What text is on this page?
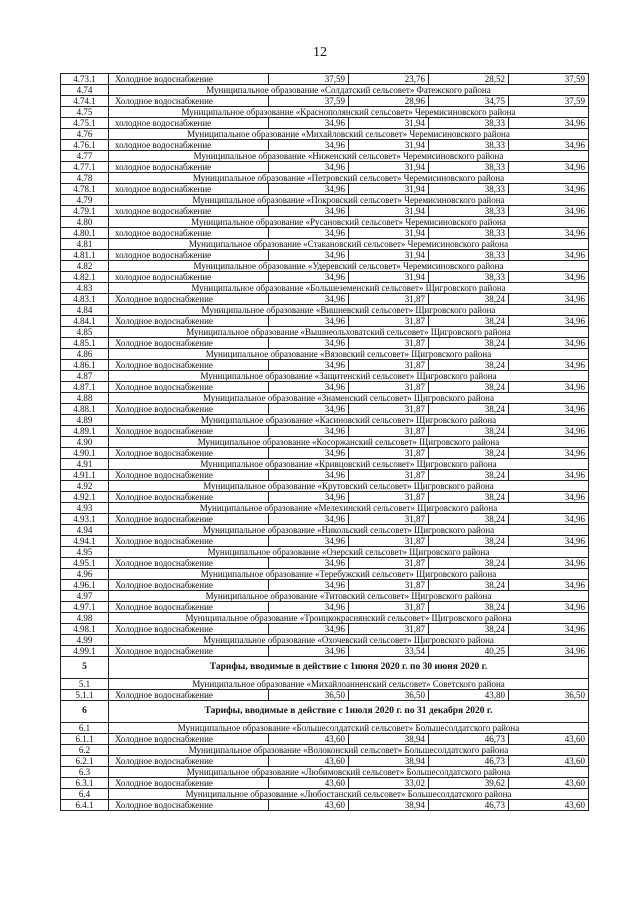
12
4.73.1	Холодное водоснабжение	37,59	23,76	28,52	37,59
4.74	Муниципальное образование «Солдатский сельсовет» Фатежского района				
4.74.1	Холодное водоснабжение	37,59	28,96	34,75	37,59
4.75	Муниципальное образование «Краснополянский сельсовет» Черемисиновского района				
4.75.1	холодное водоснабжение	34,96	31,94	38,33	34,96
4.76	Муниципальное образование «Михайловский сельсовет» Черемисиновского района				
4.76.1	холодное водоснабжение	34,96	31,94	38,33	34,96
4.77	Муниципальное образование «Ниженский сельсовет» Черемисиновского района				
4.77.1	холодное водоснабжение	34,96	31,94	38,33	34,96
4.78	Муниципальное образование «Петровский сельсовет» Черемисиновского района				
4.78.1	холодное водоснабжение	34,96	31,94	38,33	34,96
4.79	Муниципальное образование «Покровский сельсовет» Черемисиновского района				
4.79.1	холодное водоснабжение	34,96	31,94	38,33	34,96
4.80	Муниципальное образование «Русановский сельсовет» Черемисиновского района				
4.80.1	холодное водоснабжение	34,96	31,94	38,33	34,96
4.81	Муниципальное образование «Стакановский сельсовет» Черемисиновского района				
4.81.1	холодное водоснабжение	34,96	31,94	38,33	34,96
4.82	Муниципальное образование «Удеревский сельсовет» Черемисиновского района				
4.82.1	холодное водоснабжение	34,96	31,94	38,33	34,96
4.83	Муниципальное образование «Большеземенский сельсовет» Щигровского района				
4.83.1	Холодное водоснабжение	34,96	31,87	38,24	34,96
4.84	Муниципальное образование «Вишневский сельсовет» Щигровского района				
4.84.1	Холодное водоснабжение	34,96	31,87	38,24	34,96
4.85	Муниципальное образование «Вышнеольховатский сельсовет» Щигровского района				
4.85.1	Холодное водоснабжение	34,96	31,87	38,24	34,96
4.86	Муниципальное образование «Вязовский сельсовет» Щигровского района				
4.86.1	Холодное водоснабжение	34,96	31,87	38,24	34,96
4.87	Муниципальное образование «Защитенский сельсовет» Щигровского района				
4.87.1	Холодное водоснабжение	34,96	31,87	38,24	34,96
4.88	Муниципальное образование «Знаменский сельсовет» Щигровского района				
4.88.1	Холодное водоснабжение	34,96	31,87	38,24	34,96
4.89	Муниципальное образование «Касиновский сельсовет» Щигровского района				
4.89.1	Холодное водоснабжение	34,96	31,87	38,24	34,96
4.90	Муниципальное образование «Косоржанский сельсовет» Щигровского района				
4.90.1	Холодное водоснабжение	34,96	31,87	38,24	34,96
4.91	Муниципальное образование «Кривцовский сельсовет» Щигровского района				
4.91.1	Холодное водоснабжение	34,96	31,87	38,24	34,96
4.92	Муниципальное образование «Крутовский сельсовет» Щигровского района				
4.92.1	Холодное водоснабжение	34,96	31,87	38,24	34,96
4.93	Муниципальное образование «Мелехинский сельсовет» Щигровского района				
4.93.1	Холодное водоснабжение	34,96	31,87	38,24	34,96
4.94	Муниципальное образование «Никольский сельсовет» Щигровского района				
4.94.1	Холодное водоснабжение	34,96	31,87	38,24	34,96
4.95	Муниципальное образование «Озерский сельсовет» Щигровского района				
4.95.1	Холодное водоснабжение	34,96	31,87	38,24	34,96
4.96	Муниципальное образование «Теребужский сельсовет» Щигровского района				
4.96.1	Холодное водоснабжение	34,96	31,87	38,24	34,96
4.97	Муниципальное образование «Титовский сельсовет» Щигровского района				
4.97.1	Холодное водоснабжение	34,96	31,87	38,24	34,96
4.98	Муниципальное образование «Троицкокраснянский сельсовет» Щигровского района				
4.98.1	Холодное водоснабжение	34,96	31,87	38,24	34,96
4.99	Муниципальное образование «Охочевский сельсовет» Щигровского района				
4.99.1	Холодное водоснабжение	34,96	33,54	40,25	34,96
5	Тарифы, вводимые в действие с 1июня 2020 г. по 30 июня 2020 г.				
5.1	Муниципальное образование «Михайлоанненский сельсовет» Советского района				
5.1.1	Холодное водоснабжение	36,50	36,50	43,80	36,50
6	Тарифы, вводимые в действие с 1июля 2020 г. по 31 декабря 2020 г.				
6.1	Муниципальное образование «Большесолдатский сельсовет» Большесолдатского района				
6.1.1	Холодное водоснабжение	43,60	38,94	46,73	43,60
6.2	Муниципальное образование «Волоконский сельсовет» Большесолдатского района				
6.2.1	Холодное водоснабжение	43,60	38,94	46,73	43,60
6.3	Муниципальное образование «Любимовский сельсовет» Большесолдатского района				
6.3.1	Холодное водоснабжение	43,60	33,02	39,62	43,60
6.4	Муниципальное образование «Любостанский сельсовет» Большесолдатского района				
6.4.1	Холодное водоснабжение	43,60	38,94	46,73	43,60
